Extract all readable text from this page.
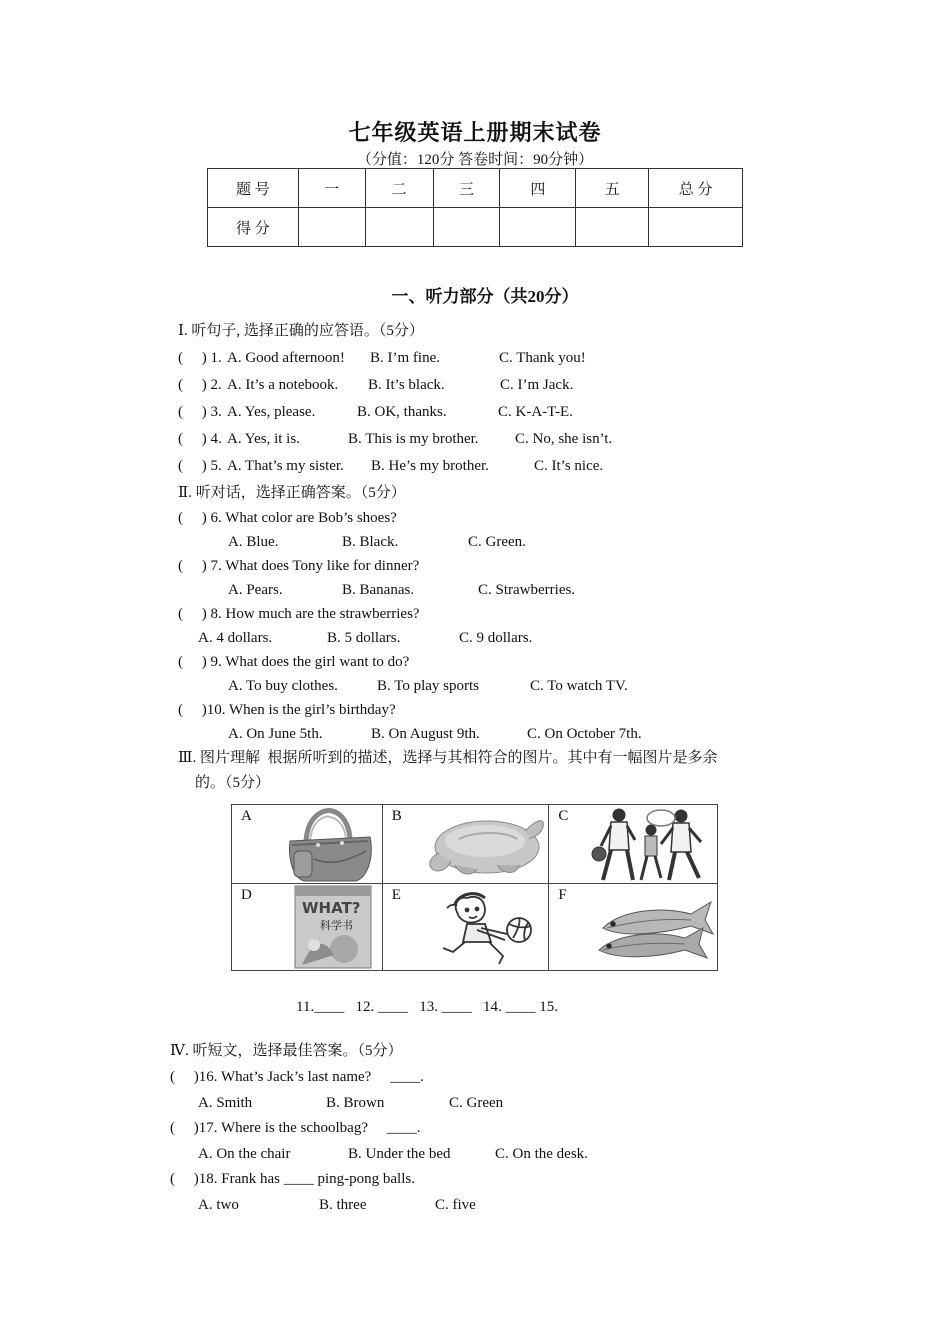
七年级英语上册期末试卷
（分值：120分 答卷时间：90分钟）
题 号	一	二	三	四	五	总 分
得 分						
一、听力部分（共20分）
Ⅰ. 听句子, 选择正确的应答语。（5分）
(     ) 1. A. Good afternoon! B. I’m fine.	C. Thank you!
(     ) 2. A. It’s a notebook. B. It’s black.	C. I’m Jack.
(     ) 3. A. Yes, please.	B. OK, thanks.	C. K-A-T-E.
(     ) 4. A. Yes, it is.	B. This is my brother. C. No, she isn’t.
(     ) 5. A. That’s my sister. B. He’s my brother.	C. It’s nice.
Ⅱ. 听对话，选择正确答案。（5分）
(     ) 6. What color are Bob’s shoes?
A. Blue.	B. Black.	C. Green.
(     ) 7. What does Tony like for dinner?
A. Pears.	B. Bananas.	C. Strawberries.
(     ) 8. How much are the strawberries?
A. 4 dollars.	B. 5 dollars.	C. 9 dollars.
(     ) 9. What does the girl want to do?
A. To buy clothes.	B. To play sports	C. To watch TV.
(     )10. When is the girl’s birthday?
A. On June 5th.	B. On August 9th.	C. On October 7th.
Ⅲ. 图片理解  根据所听到的描述，选择与其相符合的图片。其中有一幅图片是多余
的。（5分）
A	B	C

D
WHAT?
科学书	E	F
11.____   12. ____   13. ____   14. ____ 15.
Ⅳ. 听短文，选择最佳答案。（5分）
(     )16. What’s Jack’s last name?     ____.
A. Smith	B. Brown	C. Green
(     )17. Where is the schoolbag?     ____.
A. On the chair	B. Under the bed	C. On the desk.
(     )18. Frank has ____ ping-pong balls.
A. two	B. three	C. five
